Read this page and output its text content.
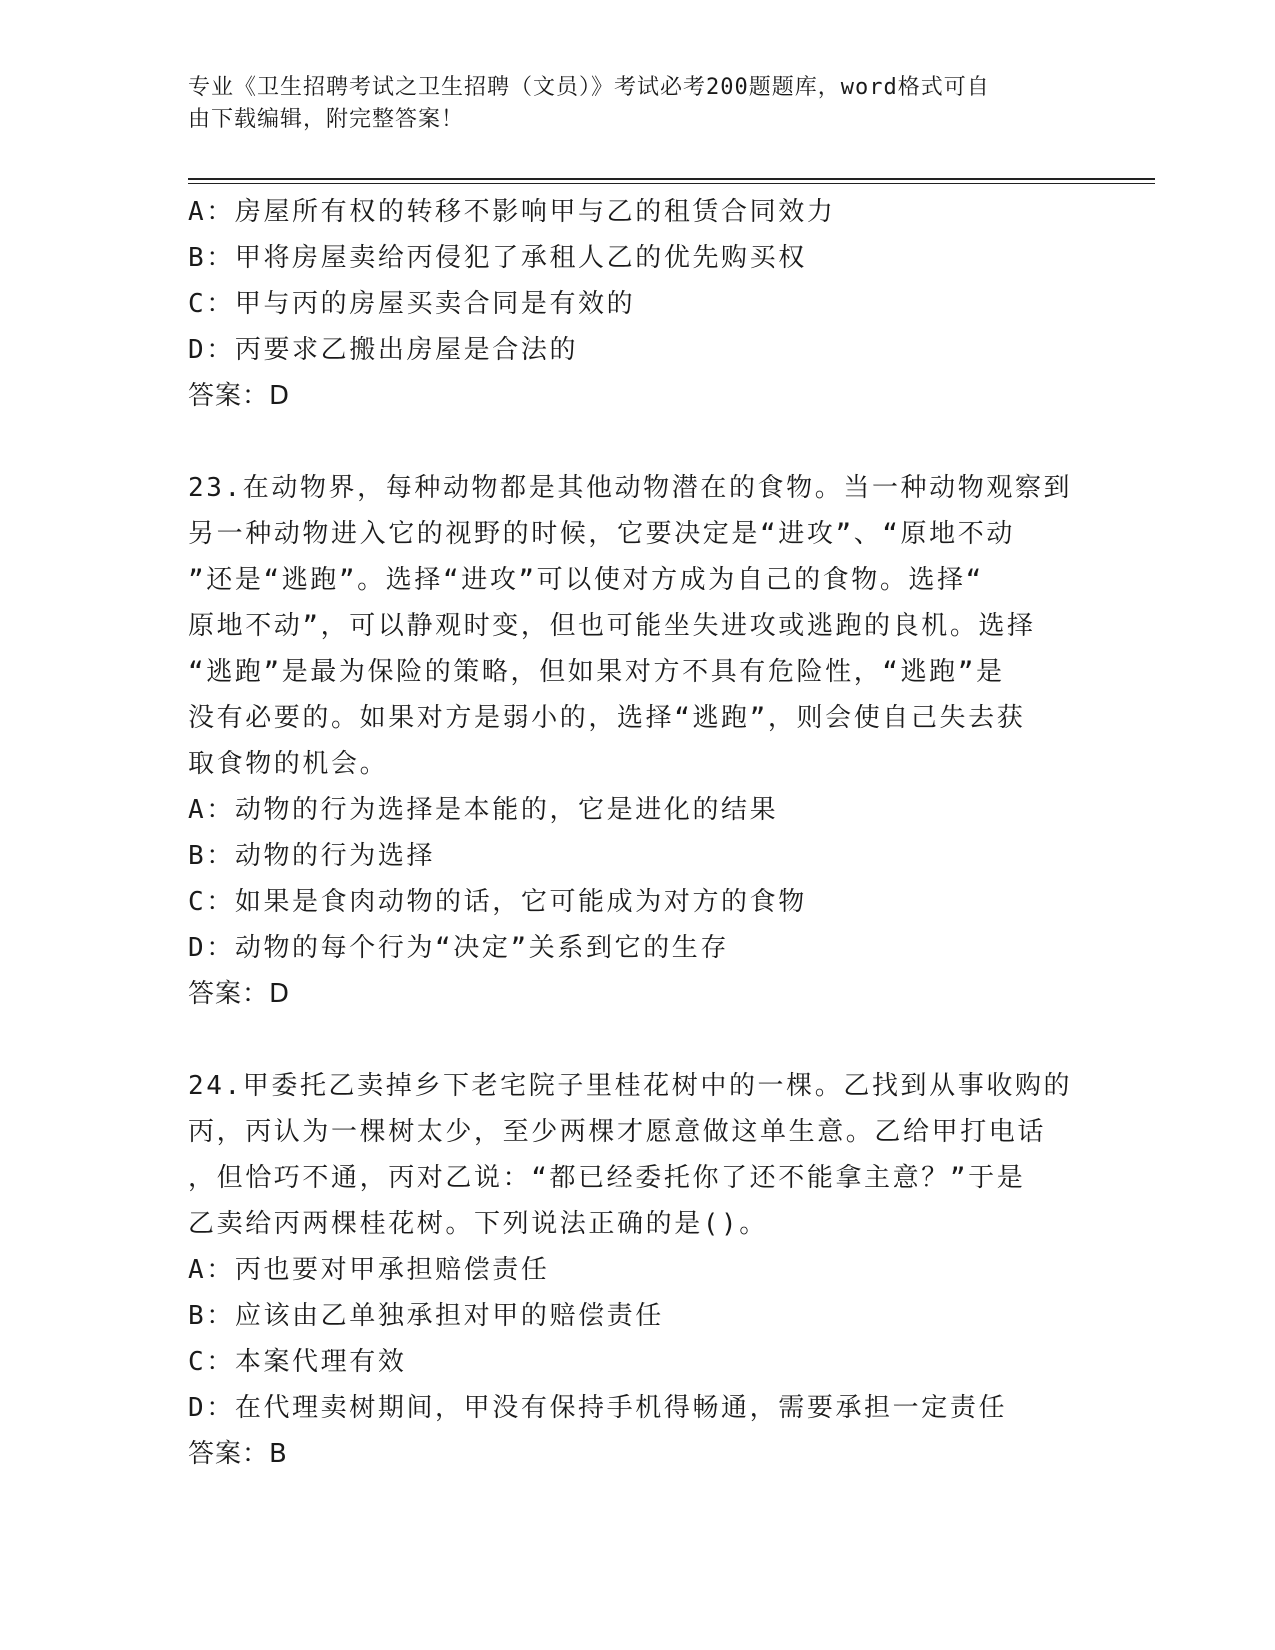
专业《卫生招聘考试之卫生招聘（文员）》考试必考200题题库，word格式可自
由下载编辑，附完整答案！
A：房屋所有权的转移不影响甲与乙的租赁合同效力
B：甲将房屋卖给丙侵犯了承租人乙的优先购买权
C：甲与丙的房屋买卖合同是有效的
D：丙要求乙搬出房屋是合法的
答案：D
23.在动物界，每种动物都是其他动物潜在的食物。当一种动物观察到
另一种动物进入它的视野的时候，它要决定是“进攻”、“原地不动
”还是“逃跑”。选择“进攻”可以使对方成为自己的食物。选择“
原地不动”，可以静观时变，但也可能坐失进攻或逃跑的良机。选择
“逃跑”是最为保险的策略，但如果对方不具有危险性，“逃跑”是
没有必要的。如果对方是弱小的，选择“逃跑”，则会使自己失去获
取食物的机会。
A：动物的行为选择是本能的，它是进化的结果
B：动物的行为选择
C：如果是食肉动物的话，它可能成为对方的食物
D：动物的每个行为“决定”关系到它的生存
答案：D
24.甲委托乙卖掉乡下老宅院子里桂花树中的一棵。乙找到从事收购的
丙，丙认为一棵树太少，至少两棵才愿意做这单生意。乙给甲打电话
，但恰巧不通，丙对乙说：“都已经委托你了还不能拿主意？”于是
乙卖给丙两棵桂花树。下列说法正确的是()。
A：丙也要对甲承担赔偿责任
B：应该由乙单独承担对甲的赔偿责任
C：本案代理有效
D：在代理卖树期间，甲没有保持手机得畅通，需要承担一定责任
答案：B
